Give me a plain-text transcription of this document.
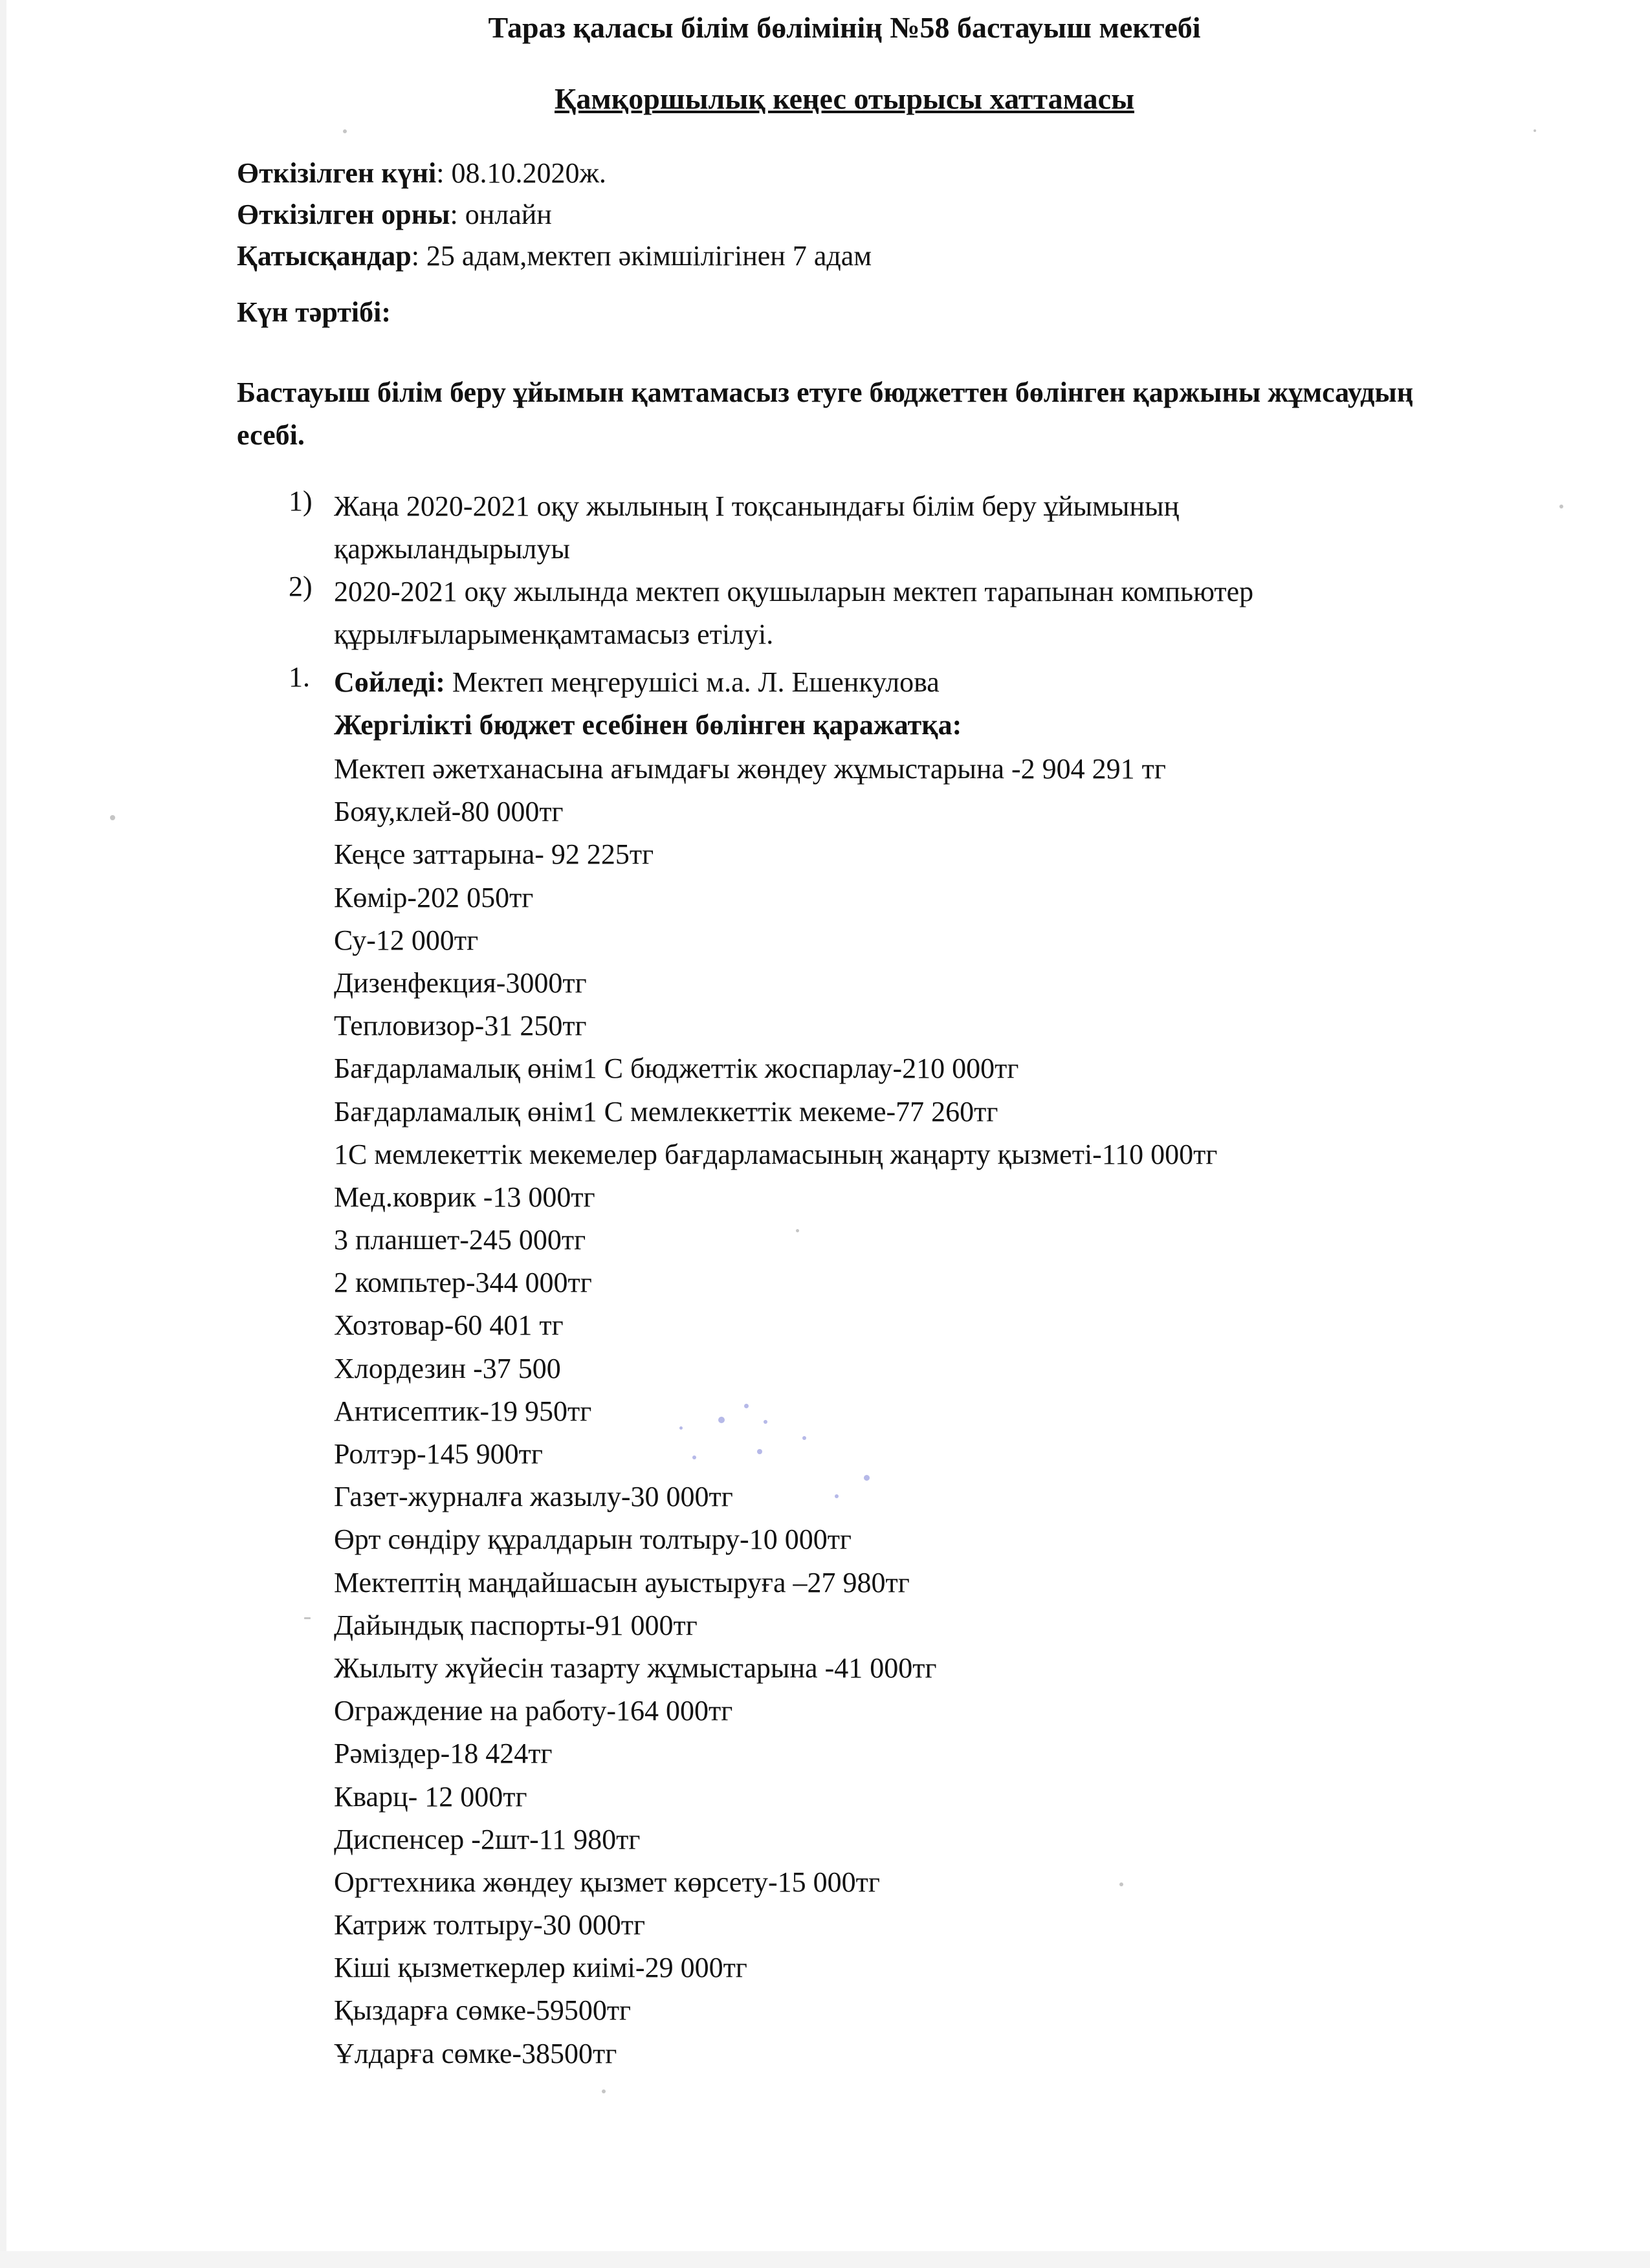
Тараз қаласы білім бөлімінің №58 бастауыш мектебі
Қамқоршылық кеңес отырысы хаттамасы
Өткізілген күні: 08.10.2020ж.
Өткізілген орны: онлайн
Қатысқандар: 25 адам,мектеп әкімшілігінен 7 адам
Күн тәртібі:
Бастауыш білім беру ұйымын қамтамасыз етуге бюджеттен бөлінген қаржыны жұмсаудың есебі.
1) Жаңа 2020-2021 оқу жылының І тоқсанындағы білім беру ұйымының
қаржыландырылуы
2) 2020-2021 оқу жылында мектеп оқушыларын мектеп тарапынан компьютер
құрылғыларыменқамтамасыз етілуі.
1. Сөйледі: Мектеп меңгерушісі м.а. Л. Ешенкулова
Жергілікті бюджет есебінен бөлінген қаражатқа:
Мектеп әжетханасына ағымдағы жөндеу жұмыстарына -2 904 291 тг
Бояу,клей-80 000тг
Кеңсе заттарына- 92 225тг
Көмір-202 050тг
Су-12 000тг
Дизенфекция-3000тг
Тепловизор-31 250тг
Бағдарламалық өнім1 С бюджеттік жоспарлау-210 000тг
Бағдарламалық өнім1 С мемлеккеттік мекеме-77 260тг
1С мемлекеттік мекемелер бағдарламасының жаңарту қызметі-110 000тг
Мед.коврик -13 000тг
3 планшет-245 000тг
2 компьтер-344 000тг
Хозтовар-60 401 тг
Хлордезин -37 500
Антисептик-19 950тг
Ролтэр-145 900тг
Газет-журналға жазылу-30 000тг
Өрт сөндіру құралдарын толтыру-10 000тг
Мектептің маңдайшасын ауыстыруға –27 980тг
Дайындық паспорты-91 000тг
Жылыту жүйесін тазарту жұмыстарына -41 000тг
Ограждение на работу-164 000тг
Рәміздер-18 424тг
Кварц- 12 000тг
Диспенсер -2шт-11 980тг
Оргтехника жөндеу қызмет көрсету-15 000тг
Катриж толтыру-30 000тг
Кіші қызметкерлер киімі-29 000тг
Қыздарға сөмке-59500тг
Ұлдарға сөмке-38500тг
